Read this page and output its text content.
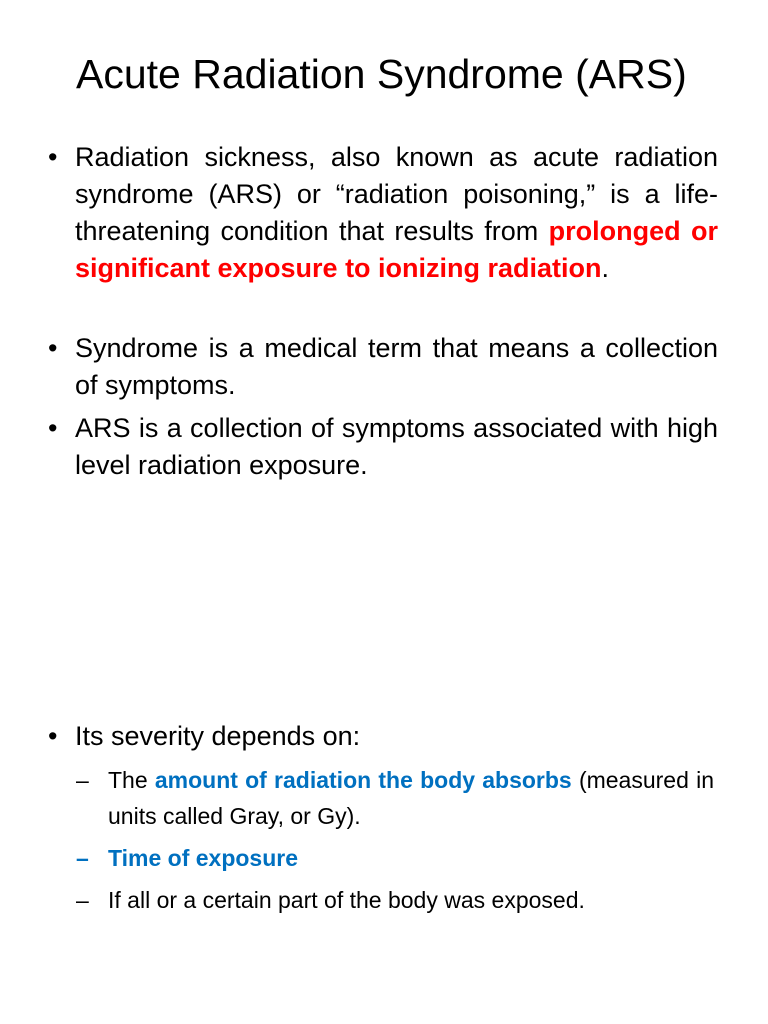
Acute Radiation Syndrome (ARS)
• Radiation sickness, also known as acute radiation syndrome (ARS) or “radiation poisoning,” is a life-threatening condition that results from prolonged or significant exposure to ionizing radiation.
• Syndrome is a medical term that means a collection of symptoms.
• ARS is a collection of symptoms associated with high level radiation exposure.
• Its severity depends on:
– The amount of radiation the body absorbs (measured in units called Gray, or Gy).
– Time of exposure
– If all or a certain part of the body was exposed.
